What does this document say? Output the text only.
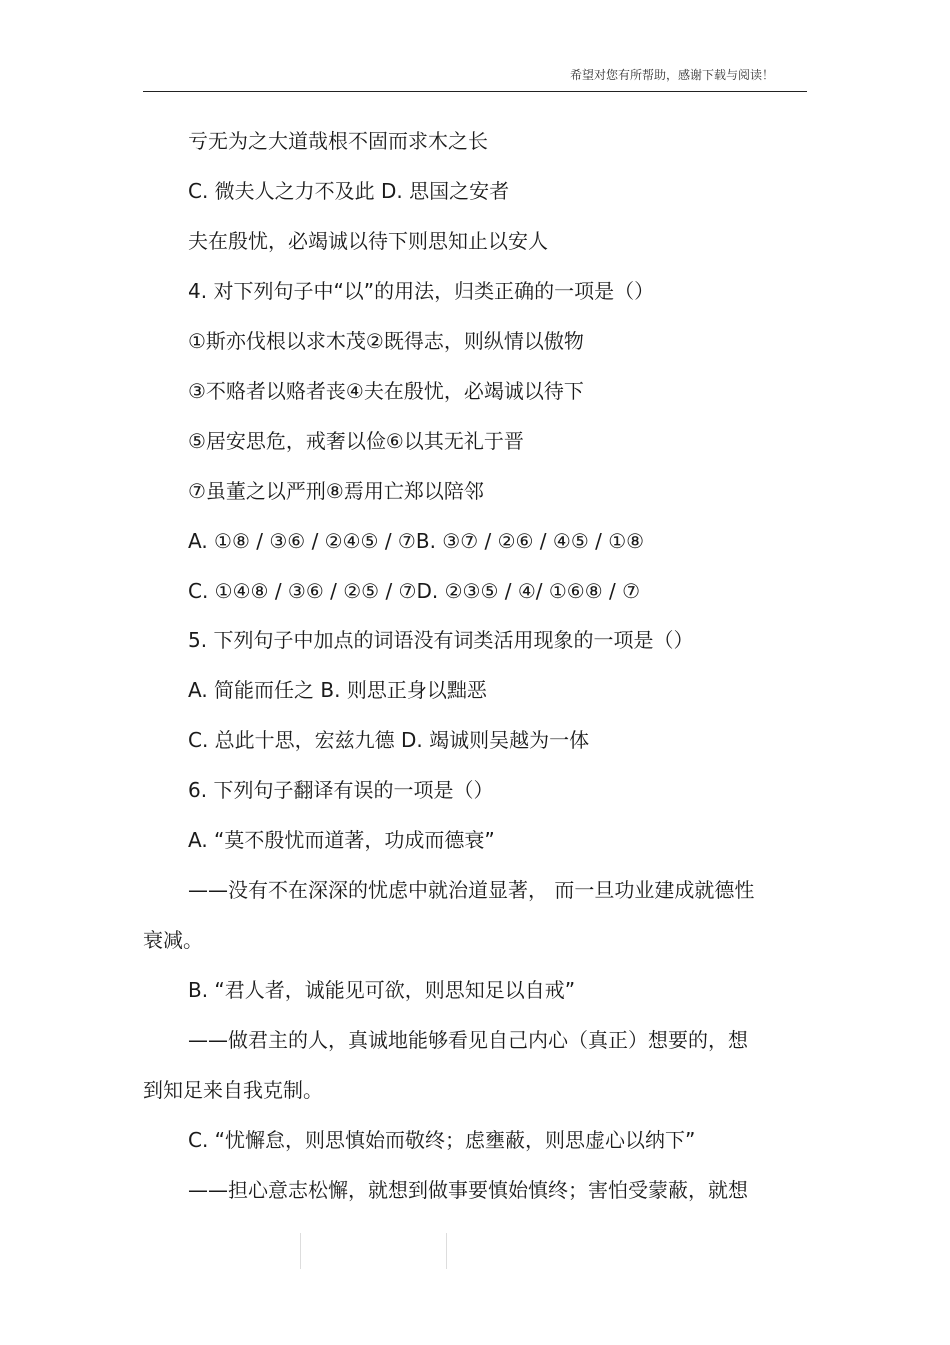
希望对您有所帮助，感谢下载与阅读！
亏无为之大道哉根不固而求木之长
C. 微夫人之力不及此 D. 思国之安者
夫在殷忧，必竭诚以待下则思知止以安人
4. 对下列句子中“以”的用法，归类正确的一项是（）
①斯亦伐根以求木茂②既得志，则纵情以傲物
③不赂者以赂者丧④夫在殷忧，必竭诚以待下
⑤居安思危，戒奢以俭⑥以其无礼于晋
⑦虽董之以严刑⑧焉用亡郑以陪邻
A. ①⑧ / ③⑥ / ②④⑤ / ⑦B. ③⑦ / ②⑥ / ④⑤ / ①⑧
C. ①④⑧ / ③⑥ / ②⑤ / ⑦D. ②③⑤ / ④/ ①⑥⑧ / ⑦
5. 下列句子中加点的词语没有词类活用现象的一项是（）
A. 简能而任之 B. 则思正身以黜恶
C. 总此十思，宏兹九德 D. 竭诚则吴越为一体
6. 下列句子翻译有误的一项是（）
A. “莫不殷忧而道著，功成而德衰”
——没有不在深深的忧虑中就治道显著， 而一旦功业建成就德性
衰减。
B. “君人者，诚能见可欲，则思知足以自戒”
——做君主的人，真诚地能够看见自己内心（真正）想要的，想
到知足来自我克制。
C. “忧懈怠，则思慎始而敬终；虑壅蔽，则思虚心以纳下”
——担心意志松懈，就想到做事要慎始慎终；害怕受蒙蔽，就想
